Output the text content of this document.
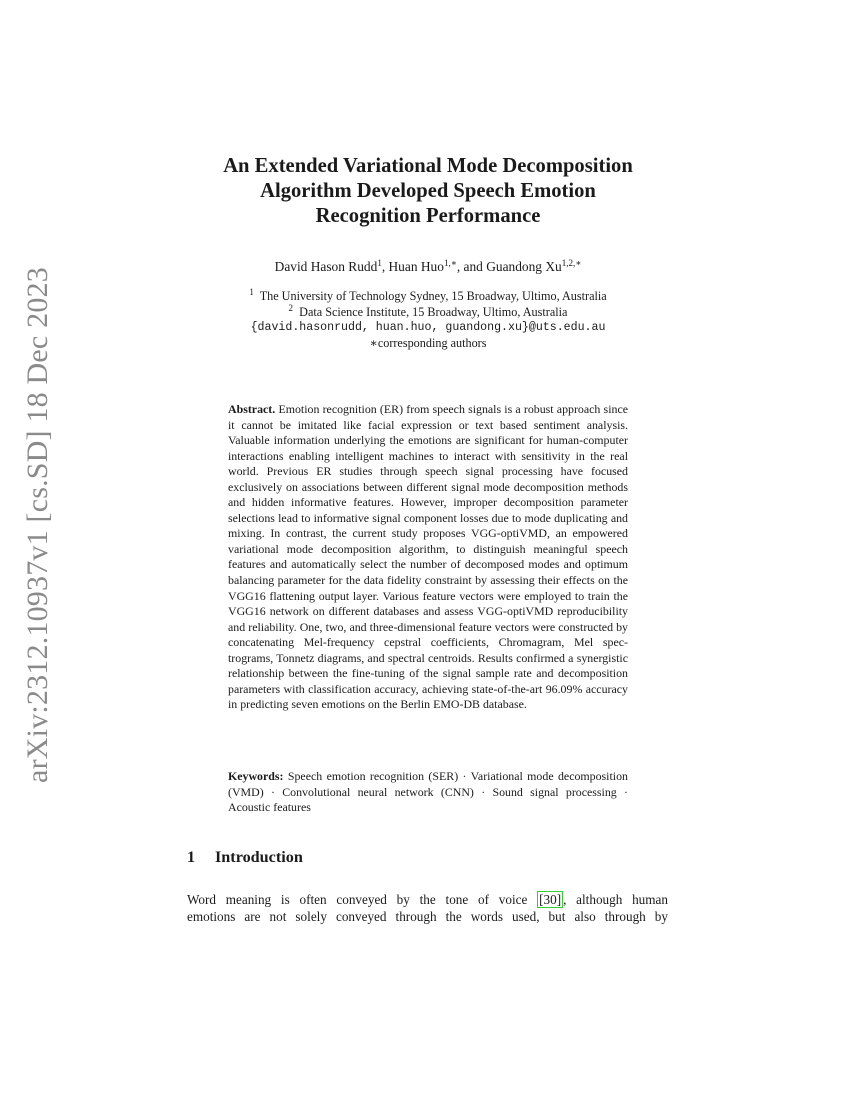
arXiv:2312.10937v1 [cs.SD] 18 Dec 2023
An Extended Variational Mode Decomposition
Algorithm Developed Speech Emotion
Recognition Performance
David Hason Rudd$^1$, Huan Huo$^{1,∗}$, and Guandong $Xu^{1,2,∗}$
$^1$ The University of Technology Sydney, 15 Broadway, Ultimo, Australia
$^2$ Data Science Institute, 15 Broadway, Ultimo, Australia
{david.hasonrudd, huan.huo, guandong.xu}@uts.edu.au
∗corresponding authors

Abstract. Emotion recognition (ER) from speech signals is a robust approach since it cannot be imitated like facial expression or text based sentiment analysis. Valuable information underlying the emotions are significant for human-computer interactions enabling intelligent machines to interact with sensitivity in the real world. Previous ER studies through speech signal processing have focused exclusively on associations between different signal mode decomposition methods and hidden informative features. However, improper decomposition parameter selections lead to informative signal component losses due to mode duplicating and mixing. In contrast, the current study proposes VGG-optiVMD, an empowered variational mode decomposition algorithm, to distinguish meaningful speech features and automatically select the number of decomposed modes and optimum balancing parameter for the data fidelity constraint by assessing their effects on the VGG16 flattening output layer. Various feature vectors were employed to train the VGG16 network on different databases and assess VGG-optiVMD reproducibility and reliability. One, two, and three-dimensional feature vectors were constructed by concatenating Mel-frequency cepstral coefficients, Chromagram, Mel spectrograms, Tonnetz diagrams, and spectral centroids. Results confirmed a synergistic relationship between the fine-tuning of the signal sample rate and decomposition parameters with classification accuracy, achieving state-of-the-art 96.09% accuracy in predicting seven emotions on the Berlin EMO-DB database.

Keywords: Speech emotion recognition (SER) · Variational mode decomposition (VMD) · Convolutional neural network (CNN) · Sound signal processing · Acoustic features

1 Introduction
Word meaning is often conveyed by the tone of voice [30] , although human
emotions are not solely conveyed through the words used, but also through by
